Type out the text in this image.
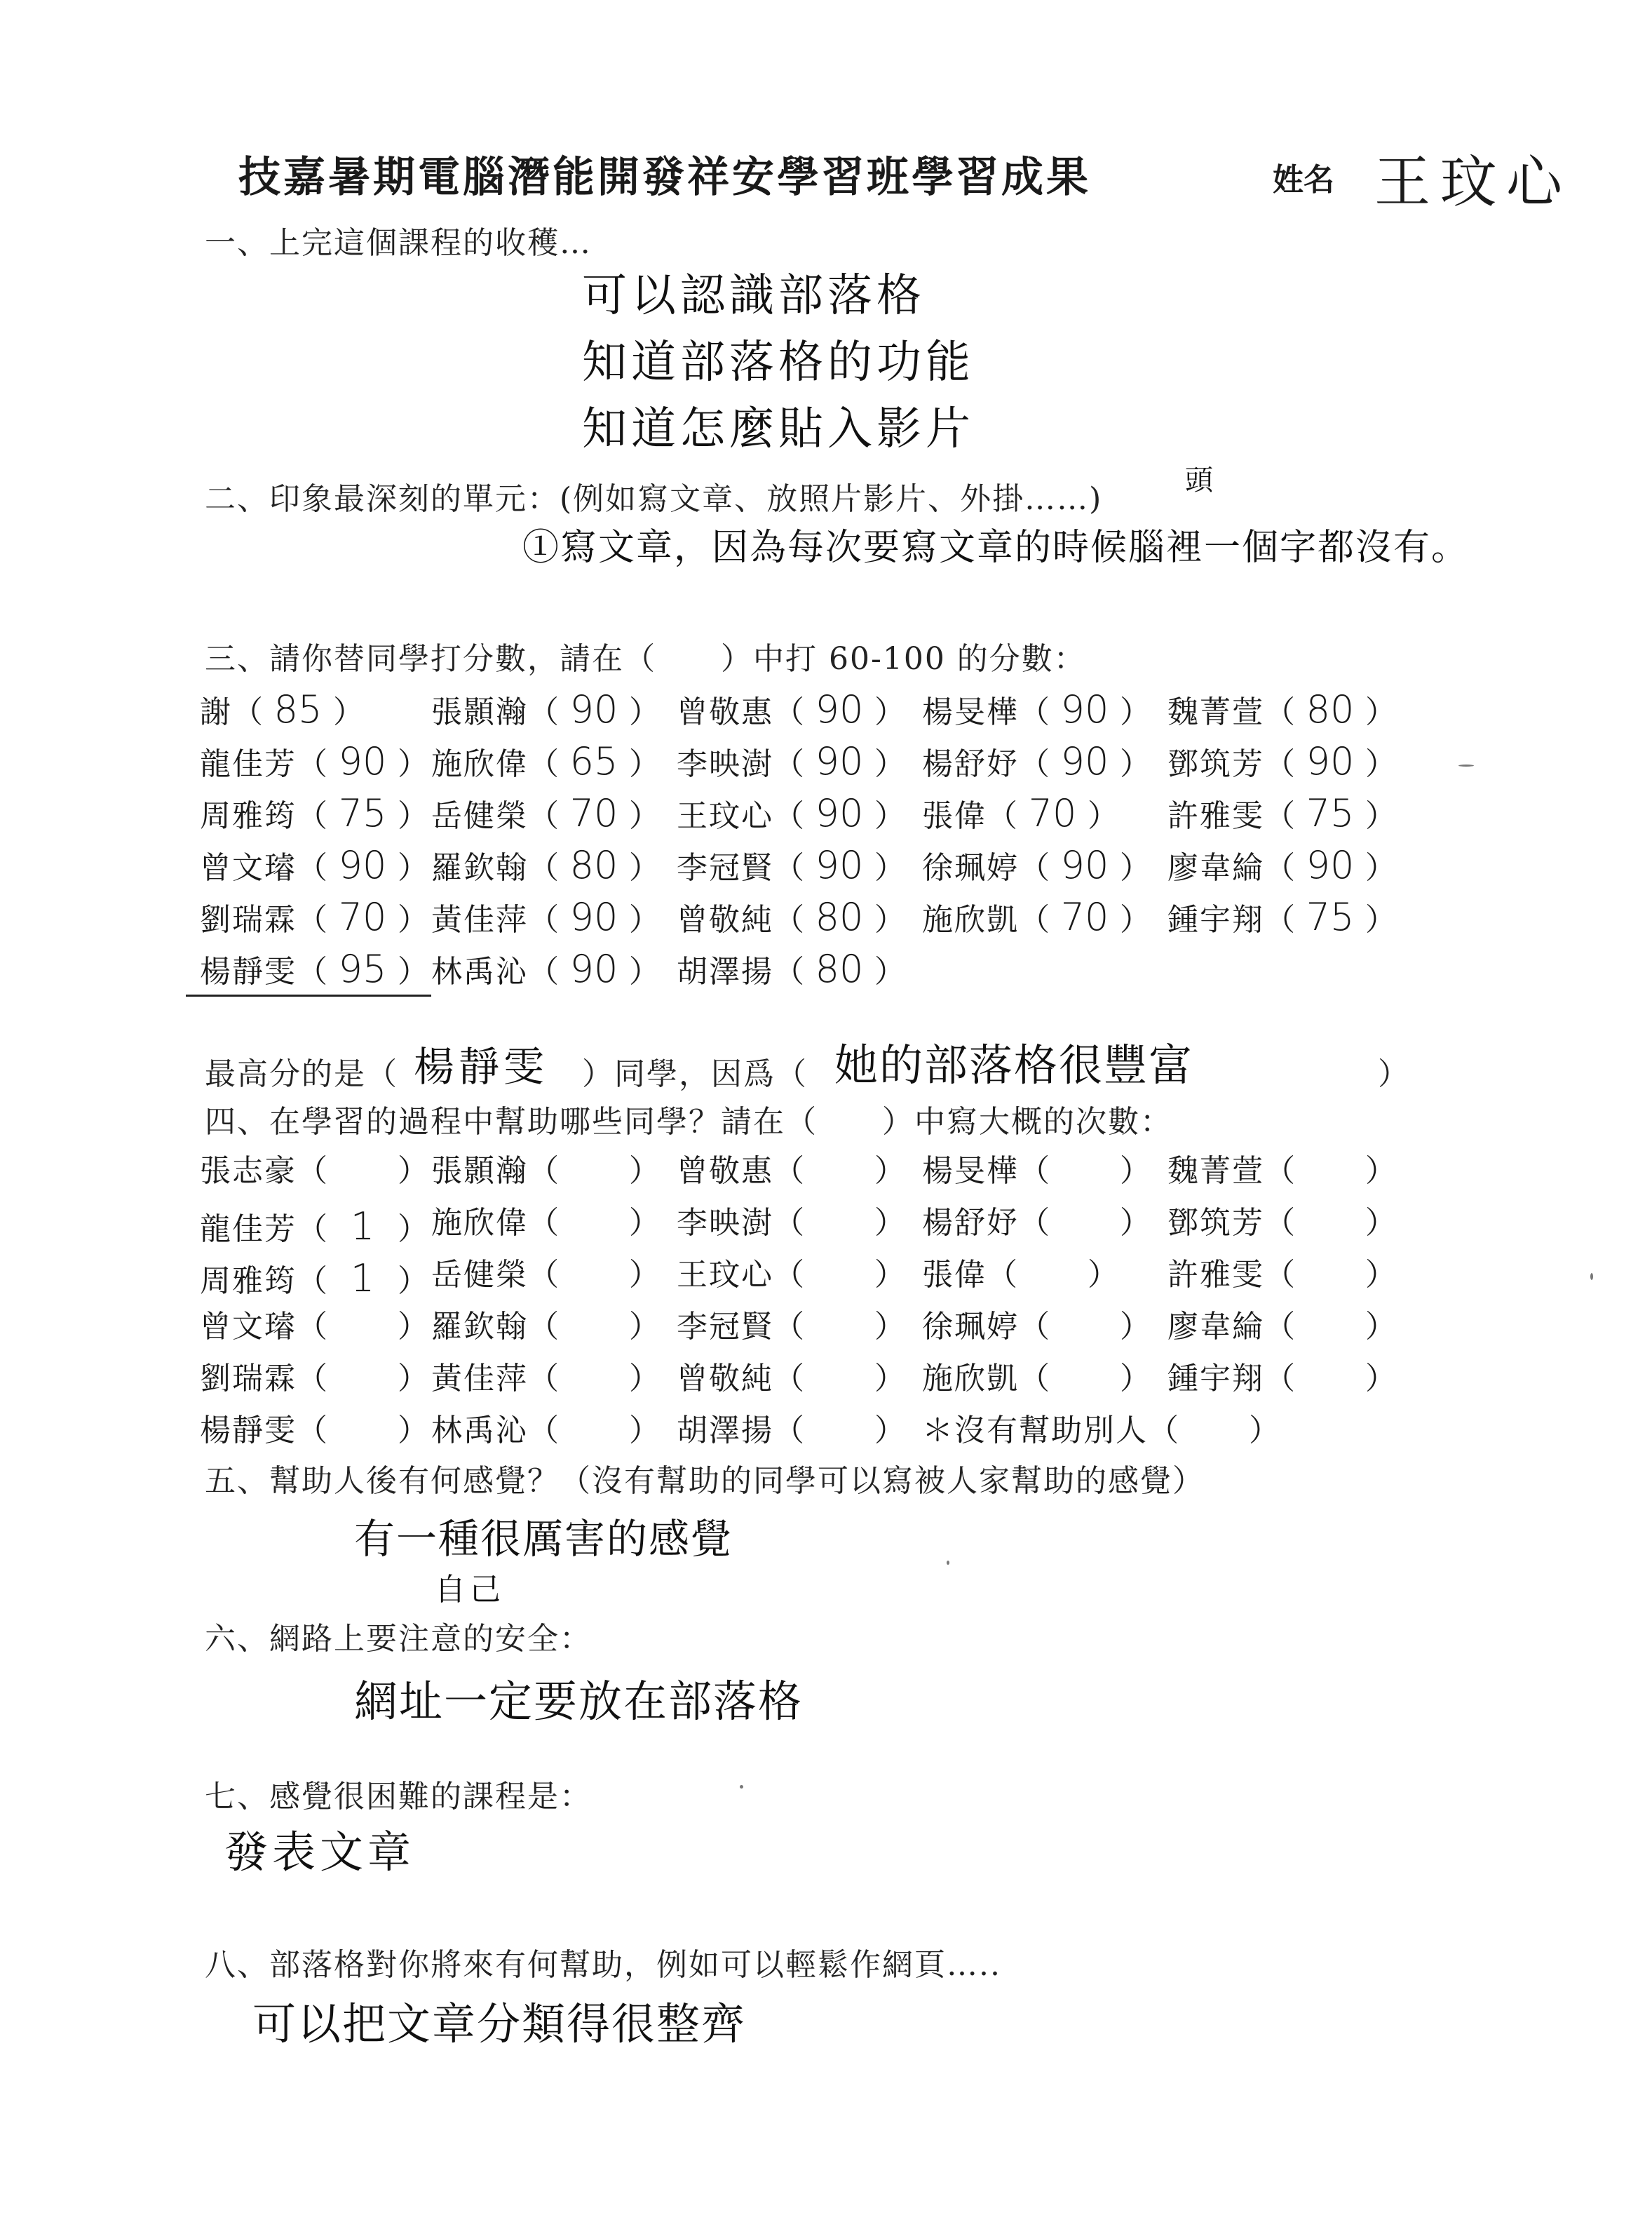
技嘉暑期電腦潛能開發祥安學習班學習成果	姓名 王玟心
一、上完這個課程的收穫…
可以認識部落格
知道部落格的功能
知道怎麼貼入影片
二、印象最深刻的單元：(例如寫文章、放照片影片、外掛……)
頭
①寫文章，因為每次要寫文章的時候腦裡一個字都沒有。
三、請你替同學打分數，請在（　　）中打 60-100 的分數：
謝（ 85 ） 張顥瀚（ 90 ） 曾敬惠（ 90 ） 楊旻樺（ 90 ） 魏菁萱（ 80 ）
龍佳芳（ 90 ） 施欣偉（ 65 ） 李映澍（ 90 ） 楊舒妤（ 90 ） 鄧筑芳（ 90 ）
周雅筠（ 75 ） 岳健榮（ 70 ） 王玟心（ 90 ） 張偉（ 70 ） 許雅雯（ 75 ）
曾文璿（ 90 ） 羅欽翰（ 80 ） 李冠賢（ 90 ） 徐珮婷（ 90 ） 廖韋綸（ 90 ）
劉瑞霖（ 70 ） 黃佳萍（ 90 ） 曾敬純（ 80 ） 施欣凱（ 70 ） 鍾宇翔（ 75 ）
楊靜雯（ 95 ） 林禹沁（ 90 ） 胡澤揚（ 80 ）
最高分的是（ 楊靜雯 ）同學，因爲（ 她的部落格很豐富	）
四、在學習的過程中幫助哪些同學？請在（　　）中寫大概的次數：
張志豪（ ） 張顥瀚（ ） 曾敬惠（ ） 楊旻樺（ ） 魏菁萱（ ）
龍佳芳（ 1 ） 施欣偉（ ） 李映澍（ ） 楊舒妤（ ） 鄧筑芳（ ）
周雅筠（ 1 ） 岳健榮（ ） 王玟心（ ） 張偉（ ） 許雅雯（ ）
曾文璿（ ） 羅欽翰（ ） 李冠賢（ ） 徐珮婷（ ） 廖韋綸（ ）
劉瑞霖（ ） 黃佳萍（ ） 曾敬純（ ） 施欣凱（ ） 鍾宇翔（ ）
楊靜雯（ ） 林禹沁（ ） 胡澤揚（ ） ＊沒有幫助別人（ ）
五、幫助人後有何感覺？（沒有幫助的同學可以寫被人家幫助的感覺）
有一種很厲害的感覺
自己
六、網路上要注意的安全：
網址一定要放在部落格
七、感覺很困難的課程是：
發表文章
八、部落格對你將來有何幫助，例如可以輕鬆作網頁…..
可以把文章分類得很整齊
